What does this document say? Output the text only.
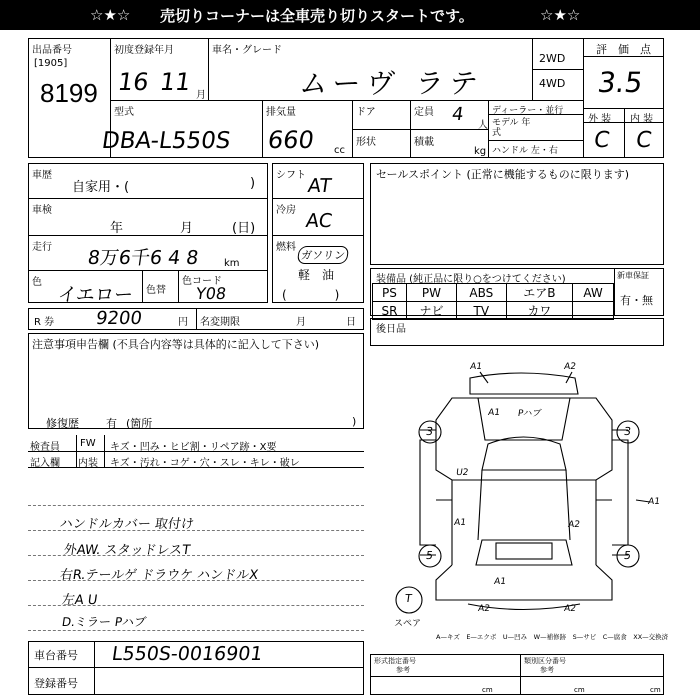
☆★☆ 売切りコーナーは全車売り切りスタートです。	☆★☆
出品番号
[1905]
8199
初度登録年月
16 11 月
車名・グレード
ムーヴ ラテ
2WD
4WD
評　価　点
3.5
外 装 内 装
C C
型式
DBA-L550S
排気量
660 cc
ドア
形状
定員 4
人
積載
kg
ディーラー・並行
モデル 年式
ハンドル 左・右
車歴
自家用・(	)
車検
年	月	(日)
走行 8万6千6 4 8 km
色
イエロー 色替
色コード
Y08
シフト AT
冷房 AC
燃料
ガソリン
軽　油
(　　　　)
R 券 9200	円 名変期限	月	日
注意事項申告欄 (不具合内容等は具体的に記入して下さい)
修復歴 有 (箇所	)
検査員
記入欄
FW キズ・凹み・ヒビ割・リペア跡・X要
内装 キズ・汚れ・コゲ・穴・スレ・キレ・破レ
ハンドルカバー 取付け
外AW. スタッドレスT
右R.テールゲ ドラウケ ハンドルX
左A U
D.ミラー Pハブ
セールスポイント (正常に機能するものに限ります)
装備品 (純正品に限り○をつけてください)
PS	PW	ABS	エアB	AW
SR	ナビ	TV	カワ	
新車保証
有・無
後日品
A1	A2
A1
A1
A1	A2
A1
A2	A2
3	3
5	5
T
U2
Pハブ
スペア
A—キズ　E—エクボ　U—凹み　W—補修跡　S—サビ　C—腐食　XX—交換済
車台番号 L550S-0016901
登録番号
形式指定番号	類別区分番号
参考	参考
cm	cm	cm
